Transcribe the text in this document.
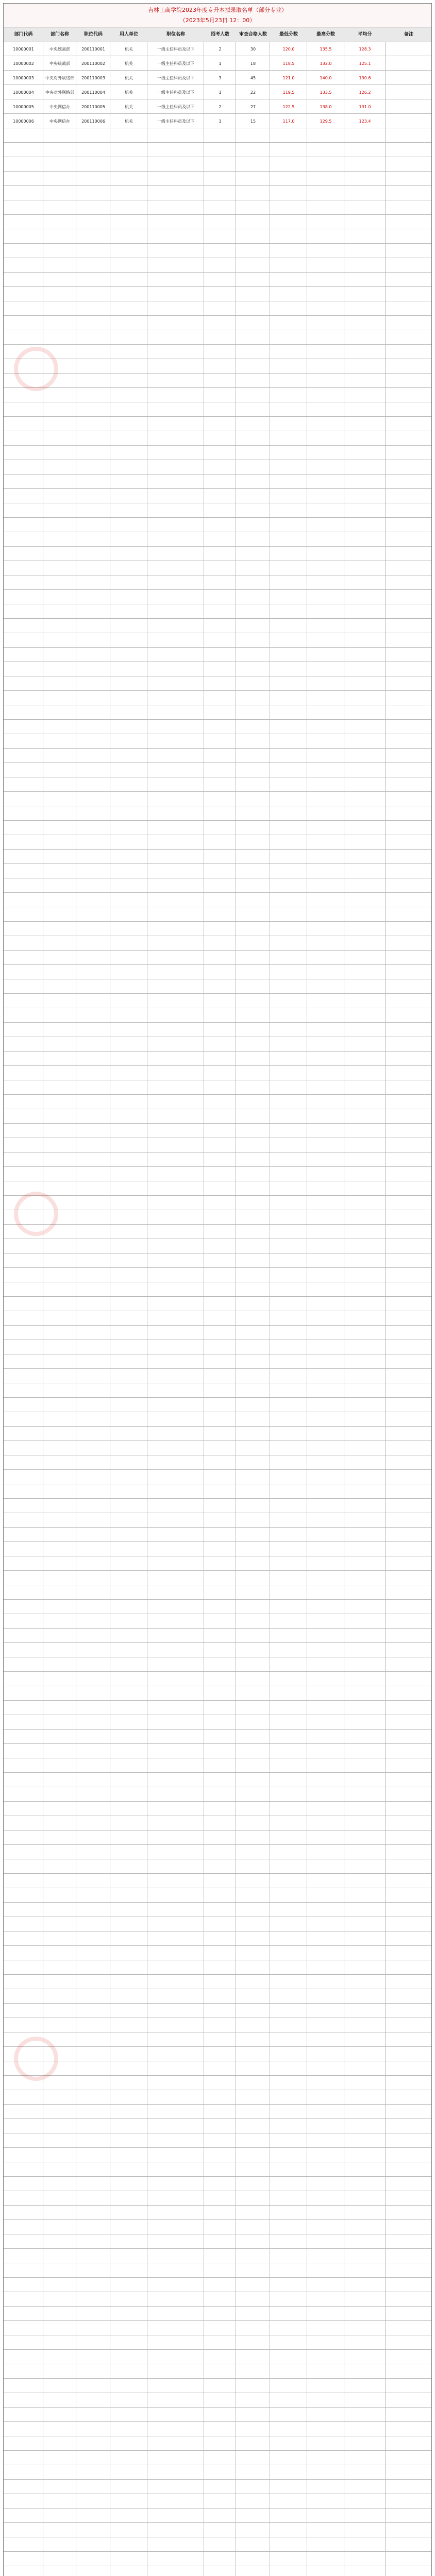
吉林工商学院2023年度专升本拟录取名单（部分专业）
（2023年5月23日 12：00）
部门代码	部门名称	职位代码	用人单位	职位名称	招考人数	审查合格人数	最低分数	最高分数	平均分	备注
10000001	中央统战部	200110001	机关	一级主任科员及以下	2	30	120.0	135.5	128.3
10000002	中央统战部	200110002	机关	一级主任科员及以下	1	18	118.5	132.0	125.1
10000003	中央对外联络部	200110003	机关	一级主任科员及以下	3	45	121.0	140.0	130.6
10000004	中央对外联络部	200110004	机关	一级主任科员及以下	1	22	119.5	133.5	126.2
10000005	中央网信办	200110005	机关	一级主任科员及以下	2	27	122.5	138.0	131.0
10000006	中央网信办	200110006	机关	一级主任科员及以下	1	15	117.0	129.5	123.4
